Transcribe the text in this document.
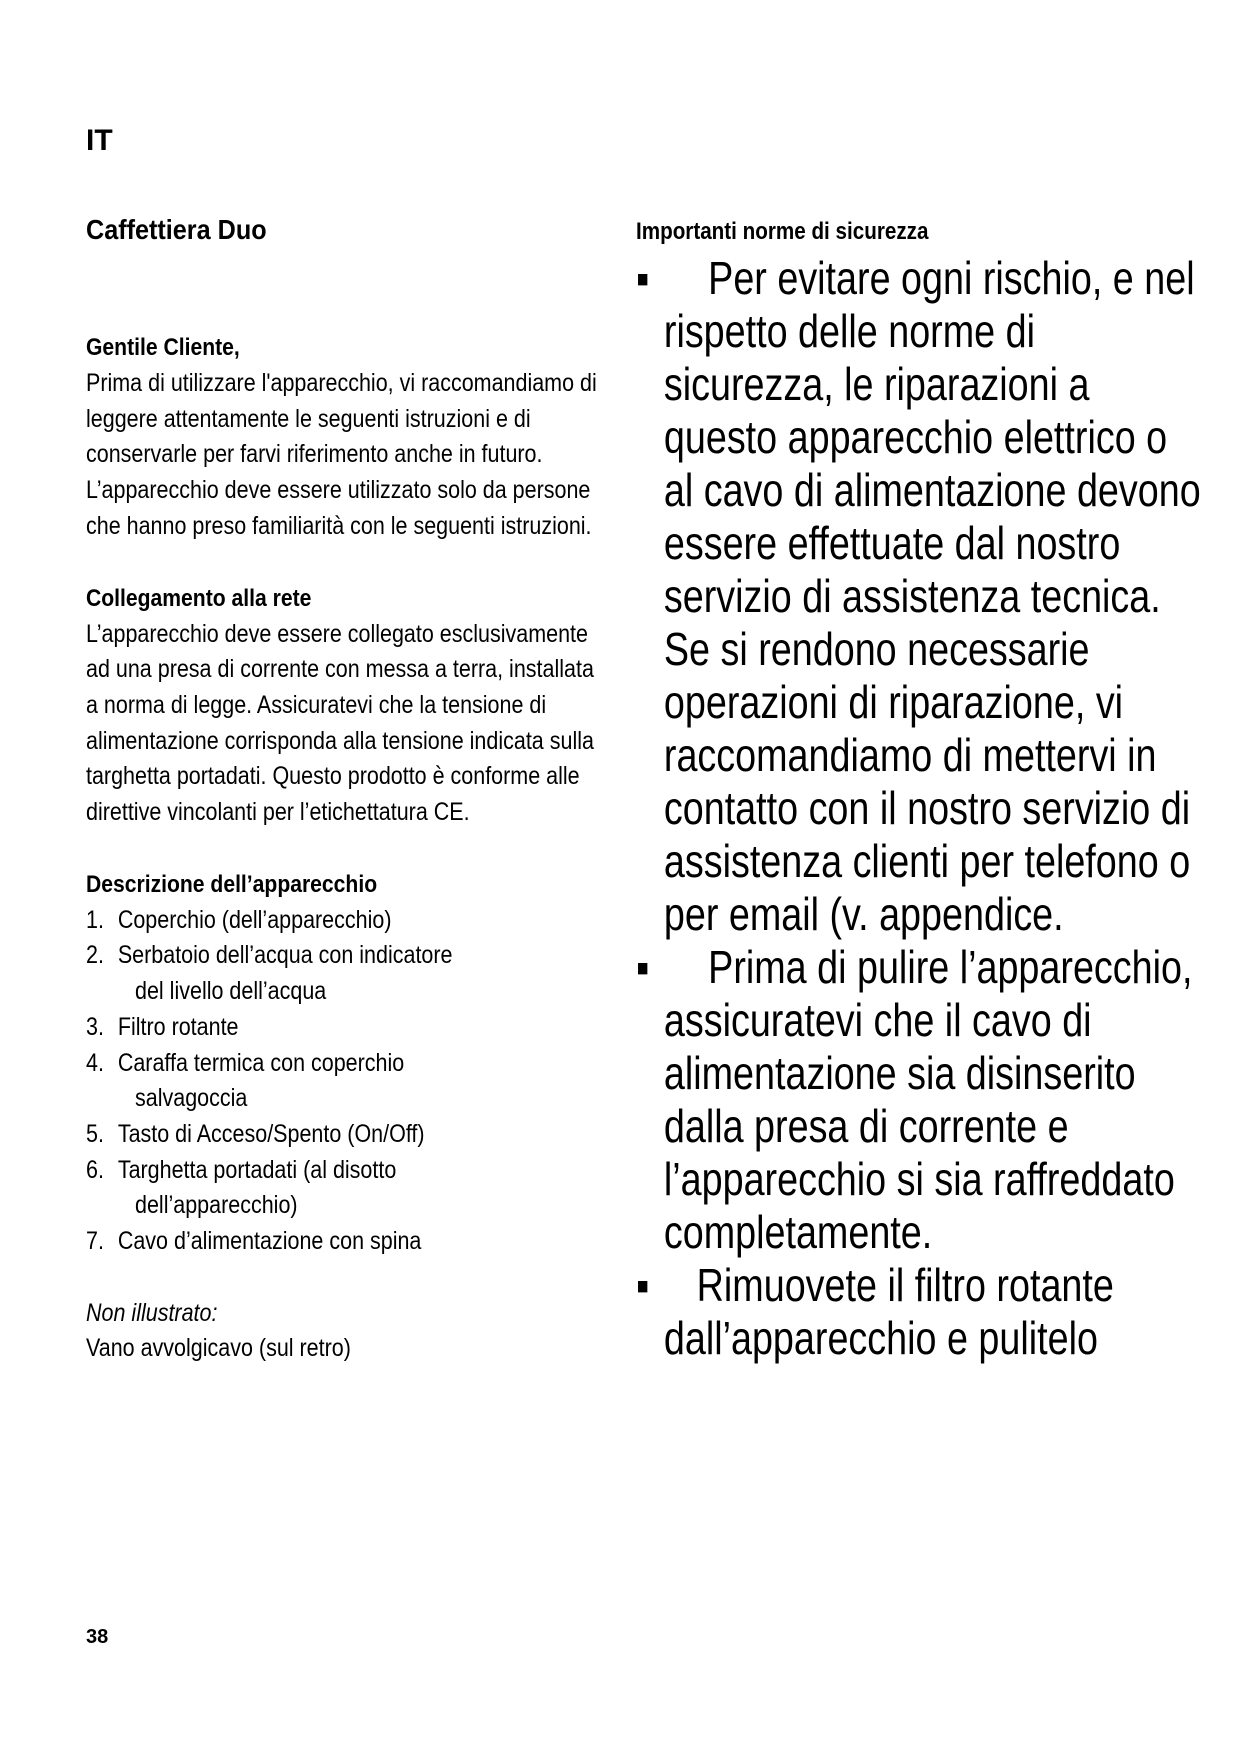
IT
Caffettiera Duo
Gentile Cliente,

Prima di utilizzare l'apparecchio, vi raccomandiamo di leggere attentamente le seguenti istruzioni e di conservarle per farvi riferimento anche in futuro. L’apparecchio deve essere utilizzato solo da persone che hanno preso familiarità con le seguenti istruzioni.

Collegamento alla rete

L’apparecchio deve essere collegato esclusivamente ad una presa di corrente con messa a terra, installata a norma di legge. Assicuratevi che la tensione di alimentazione corrisponda alla tensione indicata sulla targhetta portadati. Questo prodotto è conforme alle direttive vincolanti per l’etichettatura CE.

Descrizione dell’apparecchio
1. Coperchio (dell’apparecchio)
2. Serbatoio dell’acqua con indicatore
del livello dell’acqua
3. Filtro rotante
4. Caraffa termica con coperchio
salvagoccia
5. Tasto di Acceso/Spento (On/Off)
6. Targhetta portadati (al disotto
dell’apparecchio)
7. Cavo d’alimentazione con spina

Non illustrato:

Vano avvolgicavo (sul retro)

Importanti norme di sicurezza
▪ Per evitare ogni rischio, e nel rispetto delle norme di sicurezza, le riparazioni a questo apparecchio elettrico o al cavo di alimentazione devono essere effettuate dal nostro servizio di assistenza tecnica. Se si rendono necessarie operazioni di riparazione, vi raccomandiamo di mettervi in contatto con il nostro servizio di assistenza clienti per telefono o per email (v. appendice.
▪ Prima di pulire l’apparecchio, assicuratevi che il cavo di alimentazione sia disinserito dalla presa di corrente e l’apparecchio si sia raffreddato completamente.
▪ Rimuovete il filtro rotante dall’apparecchio e pulitelo
38
